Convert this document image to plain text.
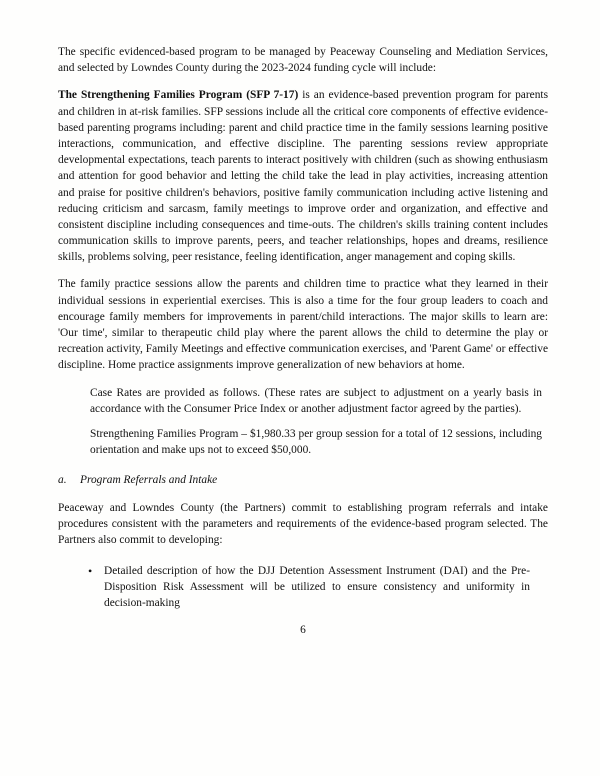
The specific evidenced-based program to be managed by Peaceway Counseling and Mediation Services, and selected by Lowndes County during the 2023-2024 funding cycle will include:

The Strengthening Families Program (SFP 7-17) is an evidence-based prevention program for parents and children in at-risk families. SFP sessions include all the critical core components of effective evidence-based parenting programs including: parent and child practice time in the family sessions learning positive interactions, communication, and effective discipline. The parenting sessions review appropriate developmental expectations, teach parents to interact positively with children (such as showing enthusiasm and attention for good behavior and letting the child take the lead in play activities, increasing attention and praise for positive children's behaviors, positive family communication including active listening and reducing criticism and sarcasm, family meetings to improve order and organization, and effective and consistent discipline including consequences and time-outs. The children's skills training content includes communication skills to improve parents, peers, and teacher relationships, hopes and dreams, resilience skills, problems solving, peer resistance, feeling identification, anger management and coping skills.

The family practice sessions allow the parents and children time to practice what they learned in their individual sessions in experiential exercises. This is also a time for the four group leaders to coach and encourage family members for improvements in parent/child interactions. The major skills to learn are: 'Our time', similar to therapeutic child play where the parent allows the child to determine the play or recreation activity, Family Meetings and effective communication exercises, and 'Parent Game' or effective discipline. Home practice assignments improve generalization of new behaviors at home.

Case Rates are provided as follows. (These rates are subject to adjustment on a yearly basis in accordance with the Consumer Price Index or another adjustment factor agreed by the parties).

Strengthening Families Program – $1,980.33 per group session for a total of 12 sessions, including orientation and make ups not to exceed $50,000.

a. Program Referrals and Intake

Peaceway and Lowndes County (the Partners) commit to establishing program referrals and intake procedures consistent with the parameters and requirements of the evidence-based program selected. The Partners also commit to developing:

•	Detailed description of how the DJJ Detention Assessment Instrument (DAI) and the Pre-Disposition Risk Assessment will be utilized to ensure consistency and uniformity in decision-making
6
